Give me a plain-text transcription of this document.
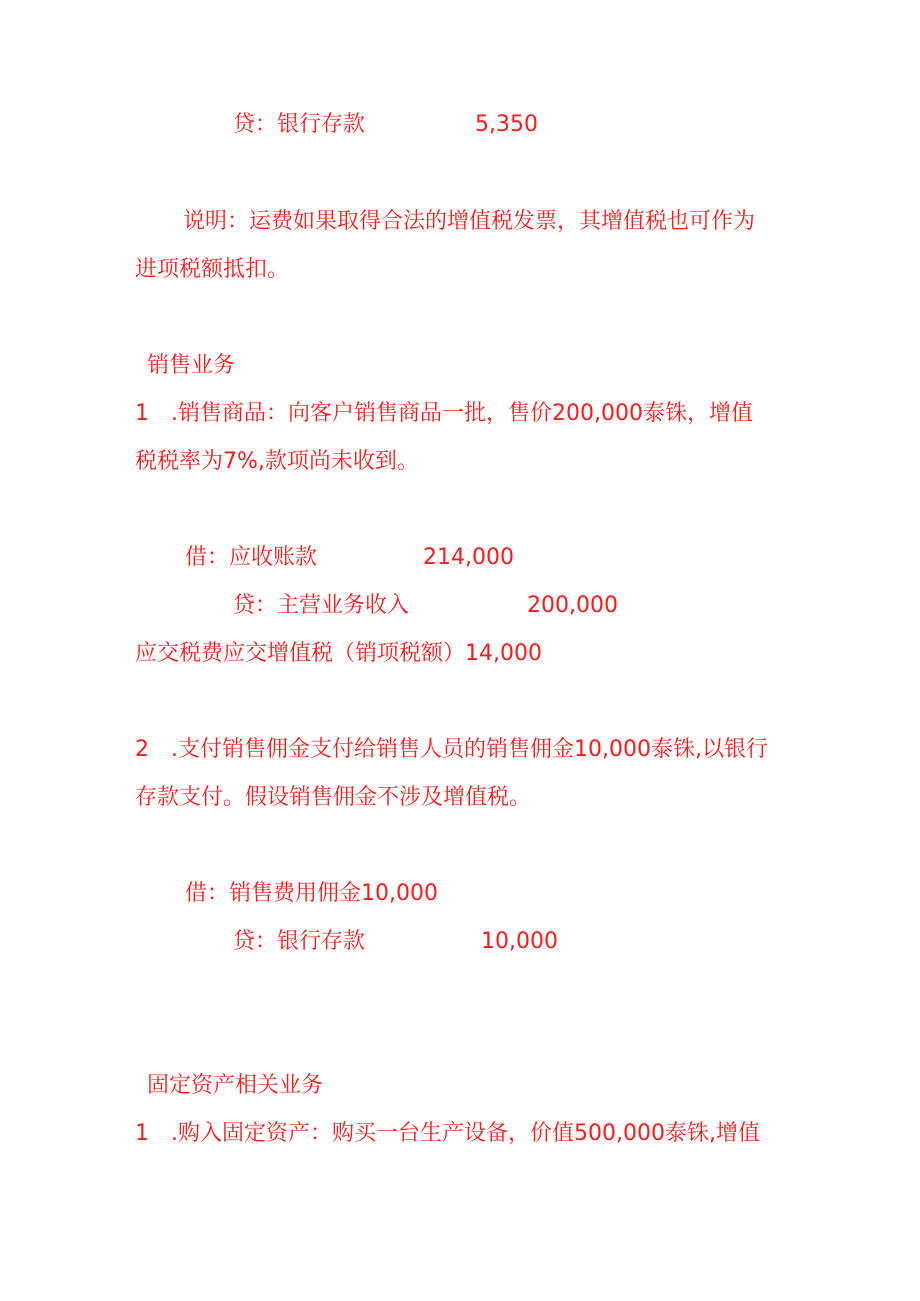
贷：银行存款	5,350
说明：运费如果取得合法的增值税发票，其增值税也可作为
进项税额抵扣。
销售业务
1　.销售商品：向客户销售商品一批，售价200,000泰铢，增值
税税率为7%,款项尚未收到。
借：应收账款	214,000
贷：主营业务收入	200,000
应交税费应交增值税（销项税额）14,000
2　.支付销售佣金支付给销售人员的销售佣金10,000泰铢,以银行
存款支付。假设销售佣金不涉及增值税。
借：销售费用佣金10,000
贷：银行存款	10,000
固定资产相关业务
1　.购入固定资产：购买一台生产设备，价值500,000泰铢,增值
